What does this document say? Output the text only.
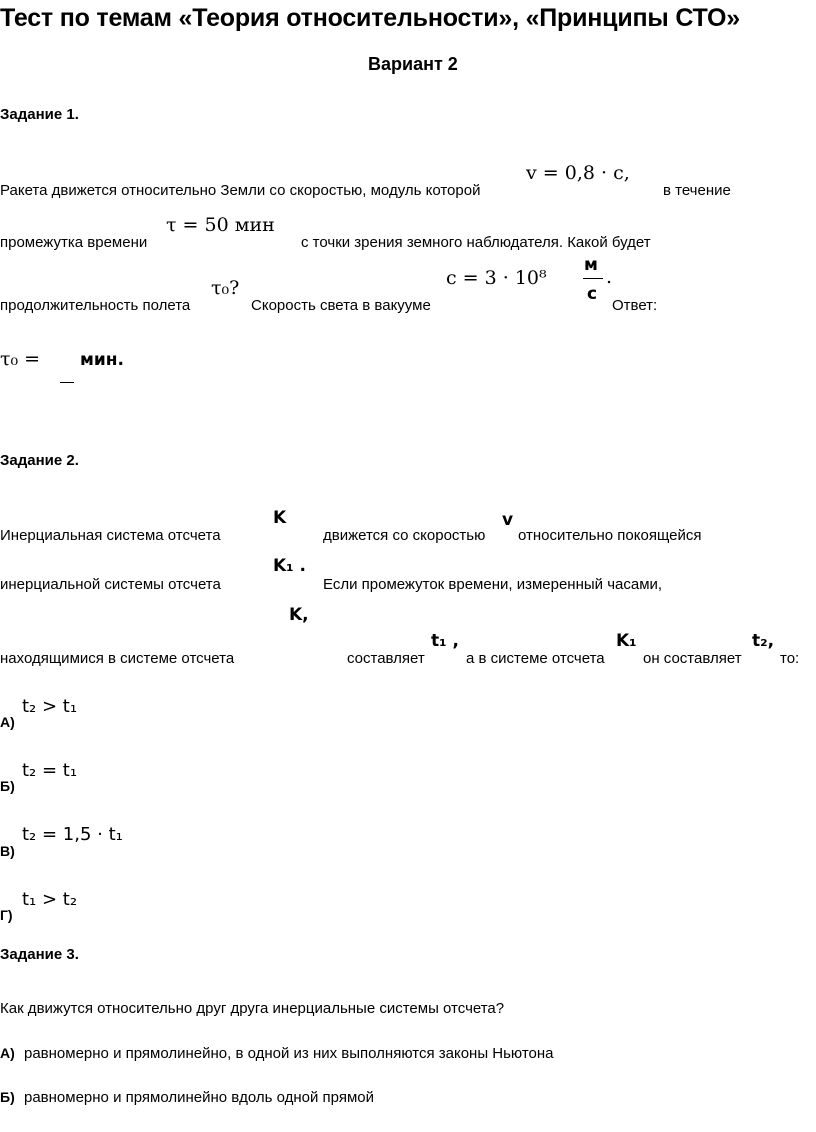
Тест по темам «Теория относительности», «Принципы СТО»
Вариант 2
Задание 1.
Ракета движется относительно Земли со скоростью, модуль которой
v = 0,8 · c,
в течение
промежутка времени
τ = 50 мин
с точки зрения земного наблюдателя. Какой будет
продолжительность полета
τ₀?
Скорость света в вакууме
c = 3 · 10⁸
м
с
.
Ответ:
τ₀ = мин.
Задание 2.
Инерциальная система отсчета
K
движется со скоростью
v
относительно покоящейся
инерциальной системы отсчета
K₁ .
Если промежуток времени, измеренный часами,
K,
находящимися в системе отсчета	составляет
t₁ ,
а в системе отсчета
K₁
он составляет
t₂,
то:
А)
t₂ > t₁
Б)
t₂ = t₁
В)
t₂ = 1,5 · t₁
Г)
t₁ > t₂
Задание 3.
Как движутся относительно друг друга инерциальные системы отсчета?
А) равномерно и прямолинейно, в одной из них выполняются законы Ньютона
Б) равномерно и прямолинейно вдоль одной прямой
